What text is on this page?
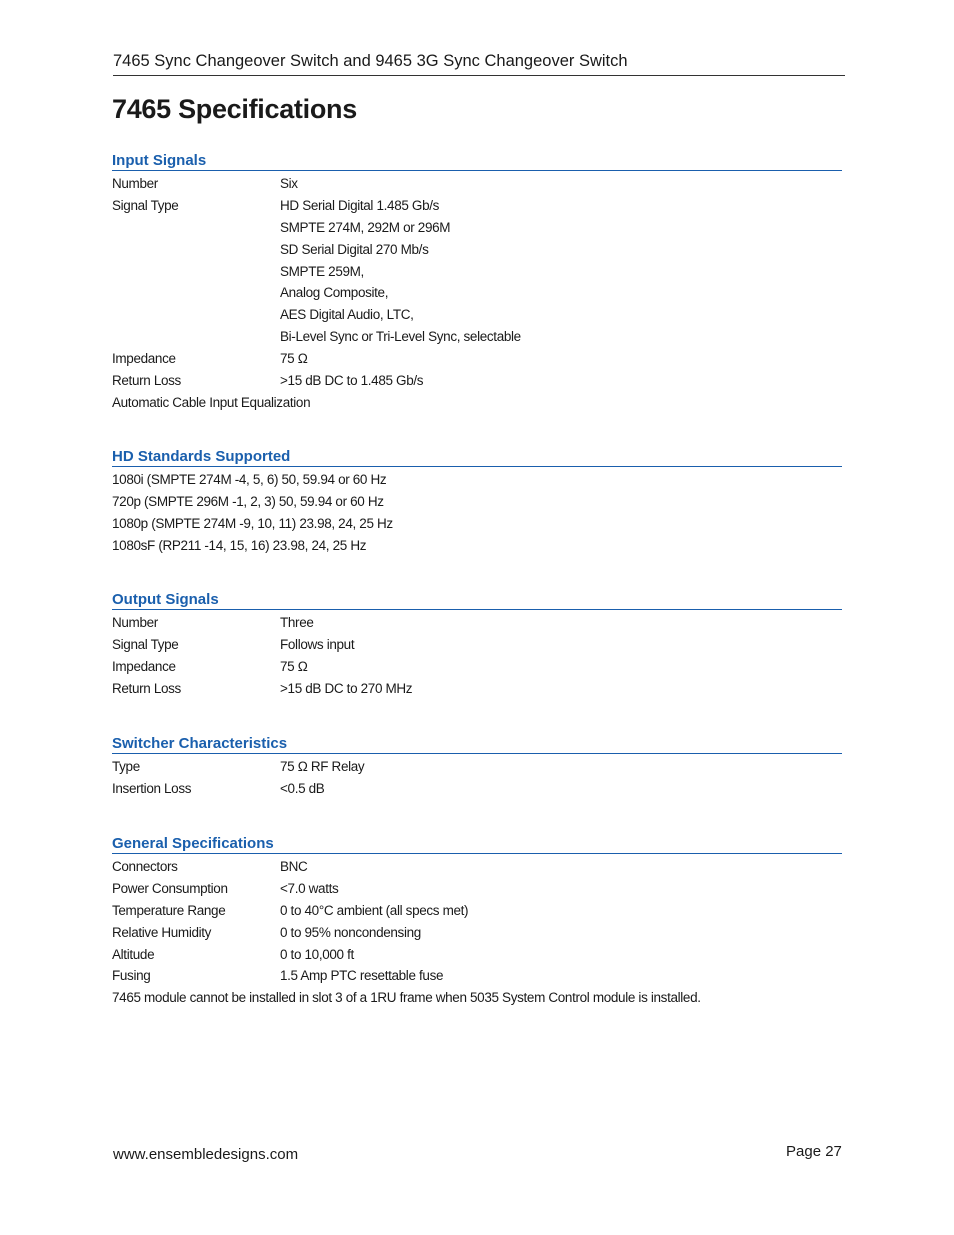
7465 Sync Changeover Switch and 9465 3G Sync Changeover Switch
7465 Specifications
Input Signals
Number	Six
Signal Type	HD Serial Digital 1.485 Gb/s
SMPTE 274M, 292M or 296M
SD Serial Digital 270 Mb/s
SMPTE 259M,
Analog Composite,
AES Digital Audio, LTC,
Bi-Level Sync or Tri-Level Sync, selectable
Impedance	75 Ω
Return Loss	>15 dB DC to 1.485 Gb/s
Automatic Cable Input Equalization
HD Standards Supported
1080i (SMPTE 274M -4, 5, 6) 50, 59.94 or 60 Hz
720p (SMPTE 296M -1, 2, 3) 50, 59.94 or 60 Hz
1080p (SMPTE 274M -9, 10, 11) 23.98, 24, 25 Hz
1080sF (RP211 -14, 15, 16) 23.98, 24, 25 Hz
Output Signals
Number	Three
Signal Type	Follows input
Impedance	75 Ω
Return Loss	>15 dB DC to 270 MHz
Switcher Characteristics
Type	75 Ω RF Relay
Insertion Loss	<0.5 dB
General Specifications
Connectors	BNC
Power Consumption	<7.0 watts
Temperature Range	0 to 40°C ambient (all specs met)
Relative Humidity	0 to 95% noncondensing
Altitude	0 to 10,000 ft
Fusing	1.5 Amp PTC resettable fuse
7465 module cannot be installed in slot 3 of a 1RU frame when 5035 System Control module is installed.
www.ensembledesigns.com	Page 27
